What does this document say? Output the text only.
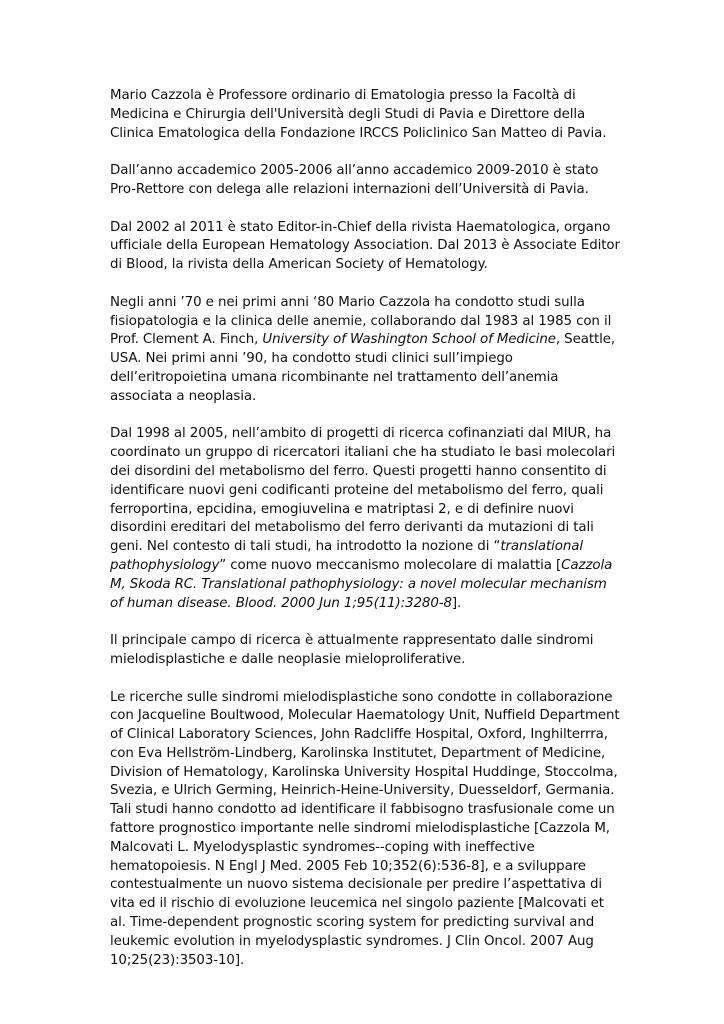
Mario Cazzola è Professore ordinario di Ematologia presso la Facoltà di Medicina e Chirurgia dell'Università degli Studi di Pavia e Direttore della Clinica Ematologica della Fondazione IRCCS Policlinico San Matteo di Pavia.

Dall’anno accademico 2005-2006 all’anno accademico 2009-2010 è stato Pro-Rettore con delega alle relazioni internazioni dell’Università di Pavia.

Dal 2002 al 2011 è stato Editor-in-Chief della rivista Haematologica, organo ufficiale della European Hematology Association. Dal 2013 è Associate Editor di Blood, la rivista della American Society of Hematology.

Negli anni ’70 e nei primi anni ‘80 Mario Cazzola ha condotto studi sulla fisiopatologia e la clinica delle anemie, collaborando dal 1983 al 1985 con il Prof. Clement A. Finch, University of Washington School of Medicine, Seattle, USA. Nei primi anni ’90, ha condotto studi clinici sull’impiego dell’eritropoietina umana ricombinante nel trattamento dell’anemia associata a neoplasia.

Dal 1998 al 2005, nell’ambito di progetti di ricerca cofinanziati dal MIUR, ha coordinato un gruppo di ricercatori italiani che ha studiato le basi molecolari dei disordini del metabolismo del ferro. Questi progetti hanno consentito di identificare nuovi geni codificanti proteine del metabolismo del ferro, quali ferroportina, epcidina, emogiuvelina e matriptasi 2, e di definire nuovi disordini ereditari del metabolismo del ferro derivanti da mutazioni di tali geni. Nel contesto di tali studi, ha introdotto la nozione di “translational pathophysiology” come nuovo meccanismo molecolare di malattia [Cazzola M, Skoda RC. Translational pathophysiology: a novel molecular mechanism of human disease. Blood. 2000 Jun 1;95(11):3280-8].

Il principale campo di ricerca è attualmente rappresentato dalle sindromi mielodisplastiche e dalle neoplasie mieloproliferative.

Le ricerche sulle sindromi mielodisplastiche sono condotte in collaborazione con Jacqueline Boultwood, Molecular Haematology Unit, Nuffield Department of Clinical Laboratory Sciences, John Radcliffe Hospital, Oxford, Inghilterrra, con Eva Hellström-Lindberg, Karolinska Institutet, Department of Medicine, Division of Hematology, Karolinska University Hospital Huddinge, Stoccolma, Svezia, e Ulrich Germing, Heinrich-Heine-University, Duesseldorf, Germania. Tali studi hanno condotto ad identificare il fabbisogno trasfusionale come un fattore prognostico importante nelle sindromi mielodisplastiche [Cazzola M, Malcovati L. Myelodysplastic syndromes--coping with ineffective hematopoiesis. N Engl J Med. 2005 Feb 10;352(6):536-8], e a sviluppare contestualmente un nuovo sistema decisionale per predire l’aspettativa di vita ed il rischio di evoluzione leucemica nel singolo paziente [Malcovati et al. Time-dependent prognostic scoring system for predicting survival and leukemic evolution in myelodysplastic syndromes. J Clin Oncol. 2007 Aug 10;25(23):3503-10].
